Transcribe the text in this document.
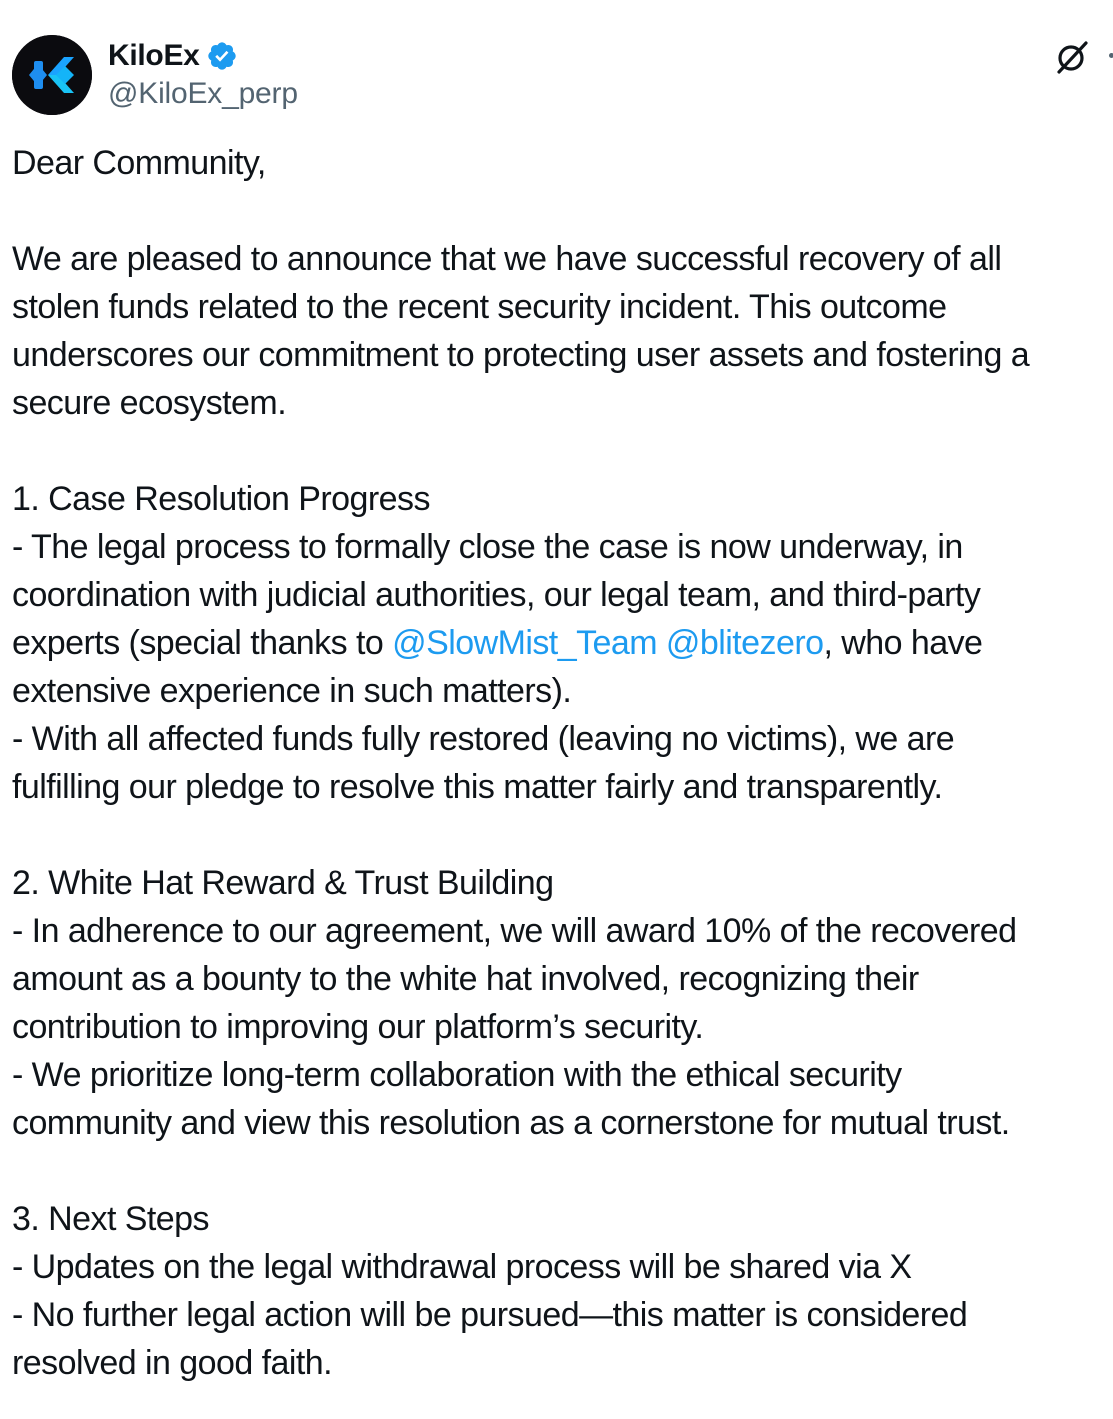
KiloEx
@KiloEx_perp
Dear Community,
We are pleased to announce that we have successful recovery of all
stolen funds related to the recent security incident. This outcome
underscores our commitment to protecting user assets and fostering a
secure ecosystem.
1. Case Resolution Progress
- The legal process to formally close the case is now underway, in
coordination with judicial authorities, our legal team, and third-party
experts (special thanks to @SlowMist_Team @blitezero, who have
extensive experience in such matters).
- With all affected funds fully restored (leaving no victims), we are
fulfilling our pledge to resolve this matter fairly and transparently.
2. White Hat Reward & Trust Building
- In adherence to our agreement, we will award 10% of the recovered
amount as a bounty to the white hat involved, recognizing their
contribution to improving our platform’s security.
- We prioritize long-term collaboration with the ethical security
community and view this resolution as a cornerstone for mutual trust.
3. Next Steps
- Updates on the legal withdrawal process will be shared via X
- No further legal action will be pursued—this matter is considered
resolved in good faith.
